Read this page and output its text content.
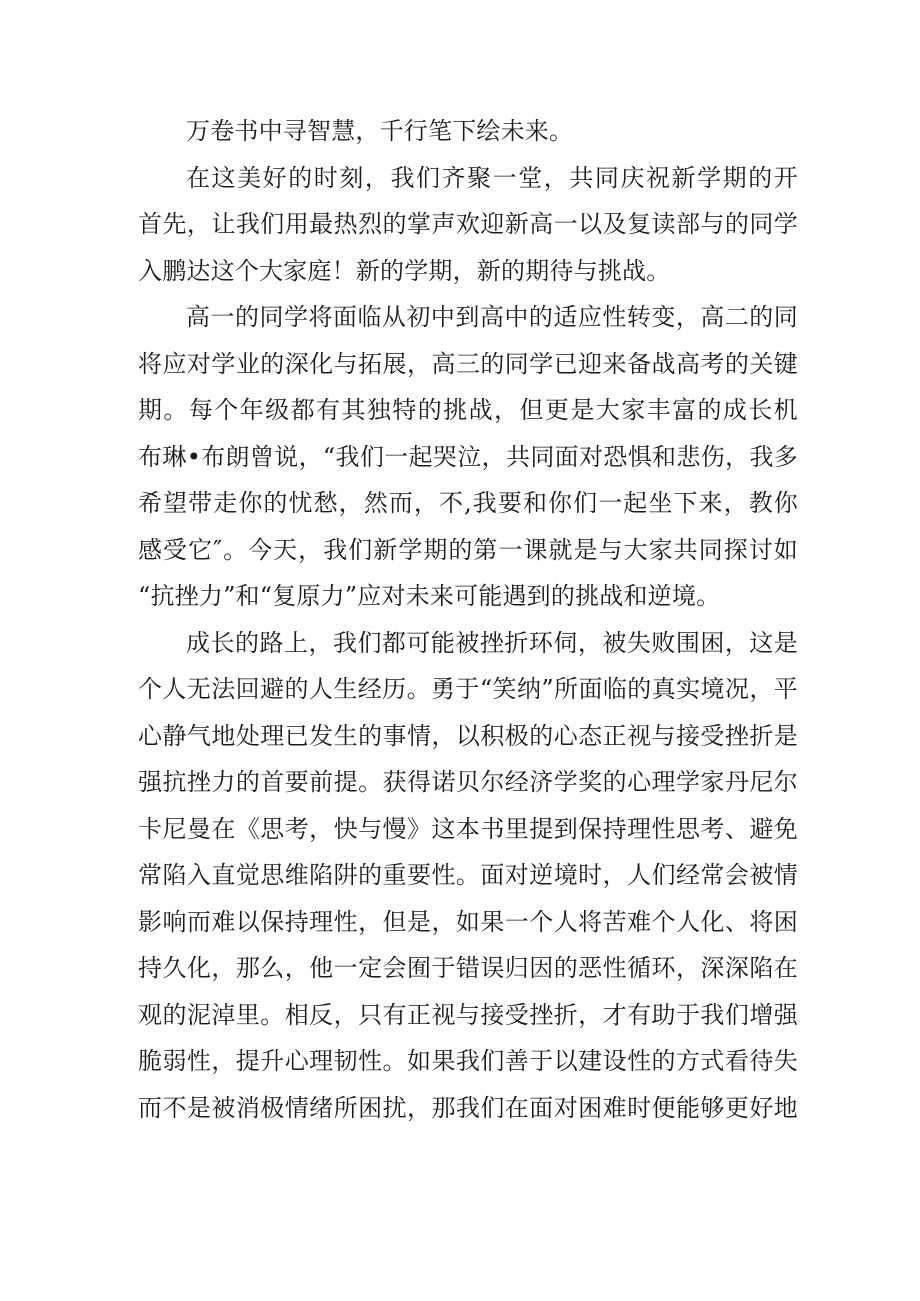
万卷书中寻智慧，千行笔下绘未来。
在这美好的时刻，我们齐聚一堂，共同庆祝新学期的开
首先，让我们用最热烈的掌声欢迎新高一以及复读部与的同学
入鹏达这个大家庭！新的学期，新的期待与挑战。
高一的同学将面临从初中到高中的适应性转变，高二的同
将应对学业的深化与拓展，高三的同学已迎来备战高考的关键
期。每个年级都有其独特的挑战，但更是大家丰富的成长机
布琳•布朗曾说，“我们一起哭泣，共同面对恐惧和悲伤，我多
希望带走你的忧愁，然而，不,我要和你们一起坐下来，教你
感受它″。今天，我们新学期的第一课就是与大家共同探讨如
“抗挫力”和“复原力”应对未来可能遇到的挑战和逆境。
成长的路上，我们都可能被挫折环伺，被失败围困，这是
个人无法回避的人生经历。勇于“笑纳”所面临的真实境况，平
心静气地处理已发生的事情，以积极的心态正视与接受挫折是
强抗挫力的首要前提。获得诺贝尔经济学奖的心理学家丹尼尔
卡尼曼在《思考，快与慢》这本书里提到保持理性思考、避免
常陷入直觉思维陷阱的重要性。面对逆境时，人们经常会被情
影响而难以保持理性，但是，如果一个人将苦难个人化、将困
持久化，那么，他一定会囿于错误归因的恶性循环，深深陷在
观的泥淖里。相反，只有正视与接受挫折，才有助于我们增强
脆弱性，提升心理韧性。如果我们善于以建设性的方式看待失
而不是被消极情绪所困扰，那我们在面对困难时便能够更好地
